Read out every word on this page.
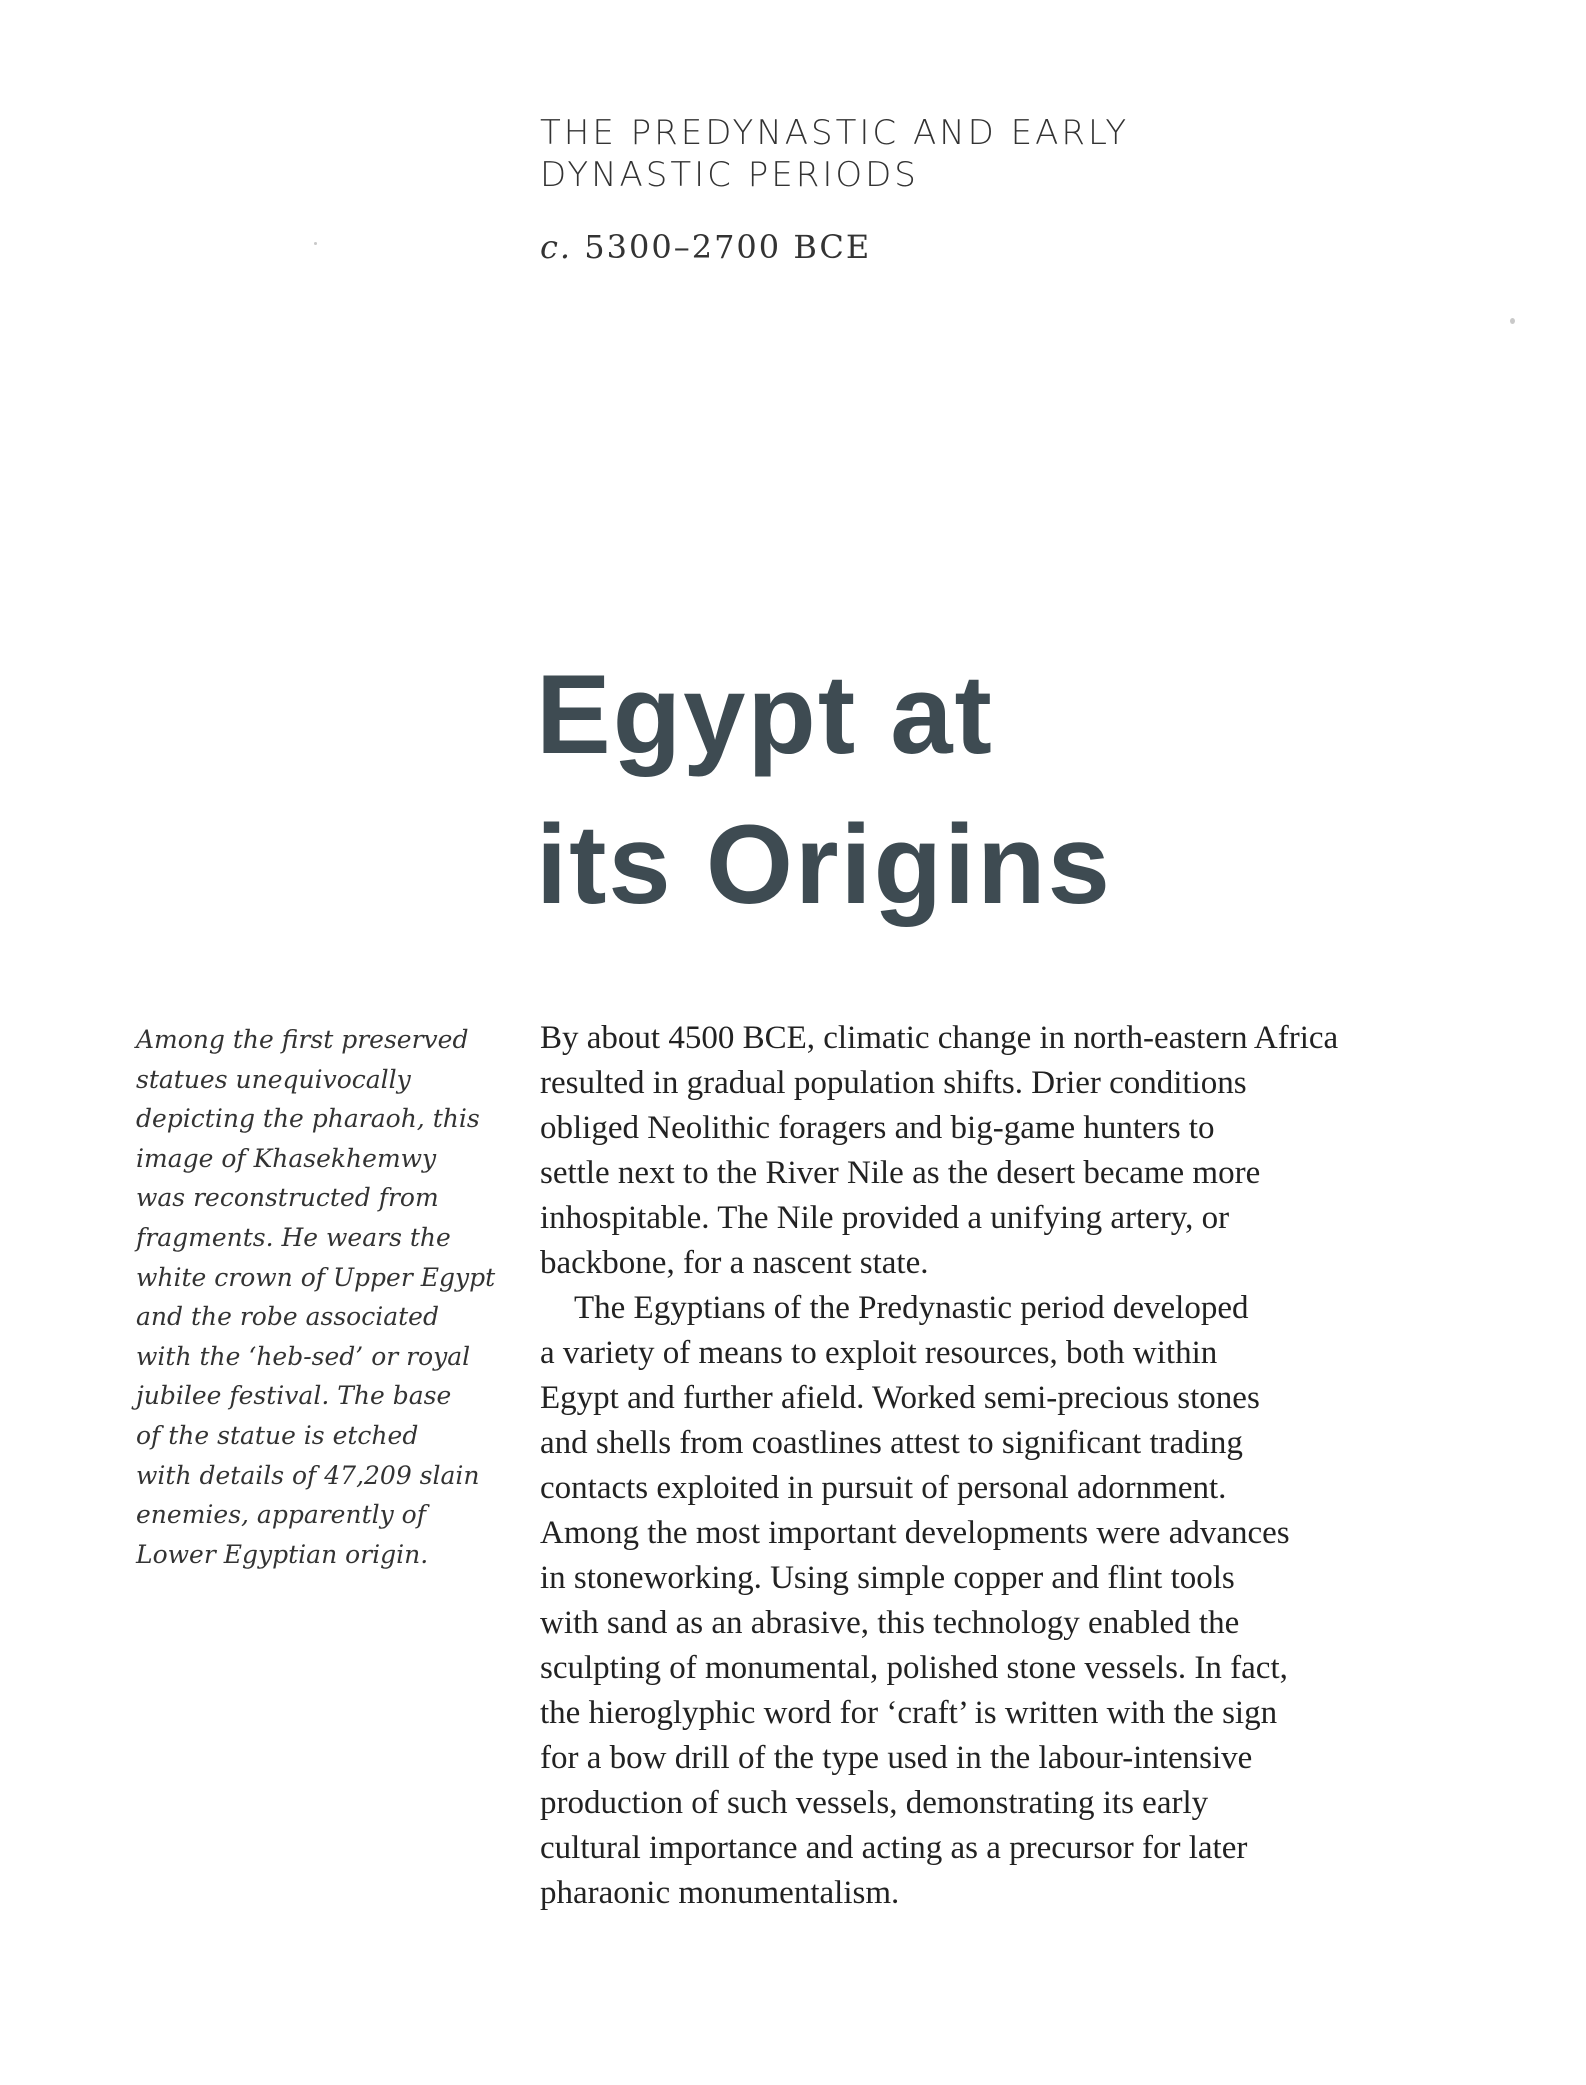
THE PREDYNASTIC AND EARLY
DYNASTIC PERIODS
c. 5300–2700 BCE
Egypt at
its Origins
Among the first preserved
statues unequivocally
depicting the pharaoh, this
image of Khasekhemwy
was reconstructed from
fragments. He wears the
white crown of Upper Egypt
and the robe associated
with the ‘heb-sed’ or royal
jubilee festival. The base
of the statue is etched
with details of 47,209 slain
enemies, apparently of
Lower Egyptian origin.
By about 4500 BCE, climatic change in north-eastern Africa
resulted in gradual population shifts. Drier conditions
obliged Neolithic foragers and big-game hunters to
settle next to the River Nile as the desert became more
inhospitable. The Nile provided a unifying artery, or
backbone, for a nascent state.
The Egyptians of the Predynastic period developed
a variety of means to exploit resources, both within
Egypt and further afield. Worked semi-precious stones
and shells from coastlines attest to significant trading
contacts exploited in pursuit of personal adornment.
Among the most important developments were advances
in stoneworking. Using simple copper and flint tools
with sand as an abrasive, this technology enabled the
sculpting of monumental, polished stone vessels. In fact,
the hieroglyphic word for ‘craft’ is written with the sign
for a bow drill of the type used in the labour-intensive
production of such vessels, demonstrating its early
cultural importance and acting as a precursor for later
pharaonic monumentalism.
